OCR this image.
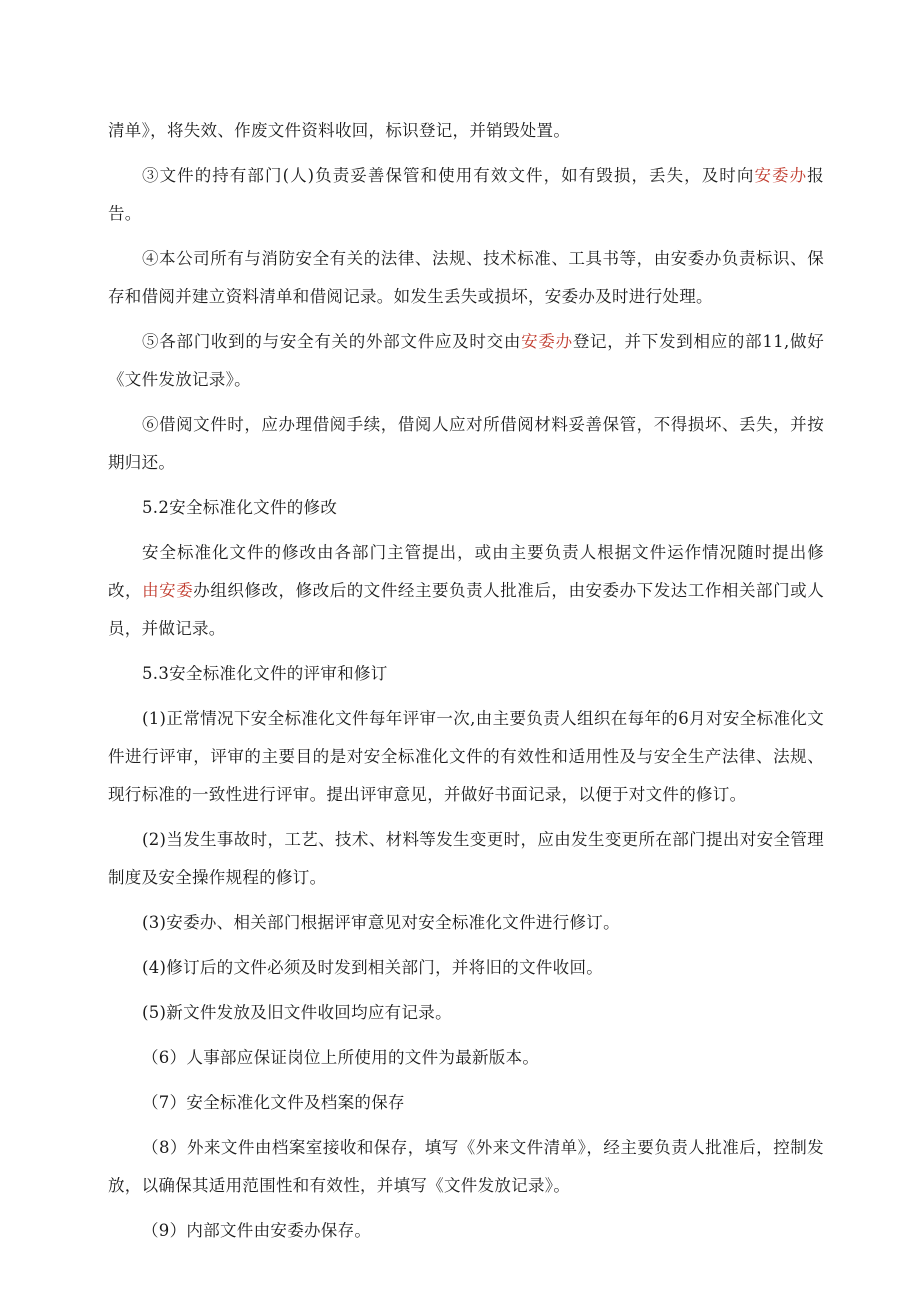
清单》，将失效、作废文件资料收回，标识登记，并销毁处置。

③文件的持有部门(人)负责妥善保管和使用有效文件，如有毁损，丢失，及时向安委办报告。

④本公司所有与消防安全有关的法律、法规、技术标准、工具书等，由安委办负责标识、保存和借阅并建立资料清单和借阅记录。如发生丢失或损坏，安委办及时进行处理。

⑤各部门收到的与安全有关的外部文件应及时交由安委办登记，并下发到相应的部11,做好《文件发放记录》。

⑥借阅文件时，应办理借阅手续，借阅人应对所借阅材料妥善保管，不得损坏、丢失，并按期归还。

5.2安全标准化文件的修改

安全标准化文件的修改由各部门主管提出，或由主要负责人根据文件运作情况随时提出修改，由安委办组织修改，修改后的文件经主要负责人批准后，由安委办下发达工作相关部门或人员，并做记录。

5.3安全标准化文件的评审和修订

(1)正常情况下安全标准化文件每年评审一次,由主要负责人组织在每年的6月对安全标准化文件进行评审，评审的主要目的是对安全标准化文件的有效性和适用性及与安全生产法律、法规、现行标准的一致性进行评审。提出评审意见，并做好书面记录，以便于对文件的修订。

(2)当发生事故时，工艺、技术、材料等发生变更时，应由发生变更所在部门提出对安全管理制度及安全操作规程的修订。

(3)安委办、相关部门根据评审意见对安全标准化文件进行修订。

(4)修订后的文件必须及时发到相关部门，并将旧的文件收回。

(5)新文件发放及旧文件收回均应有记录。

（6）人事部应保证岗位上所使用的文件为最新版本。

（7）安全标准化文件及档案的保存

（8）外来文件由档案室接收和保存，填写《外来文件清单》，经主要负责人批准后，控制发放，以确保其适用范围性和有效性，并填写《文件发放记录》。

（9）内部文件由安委办保存。
